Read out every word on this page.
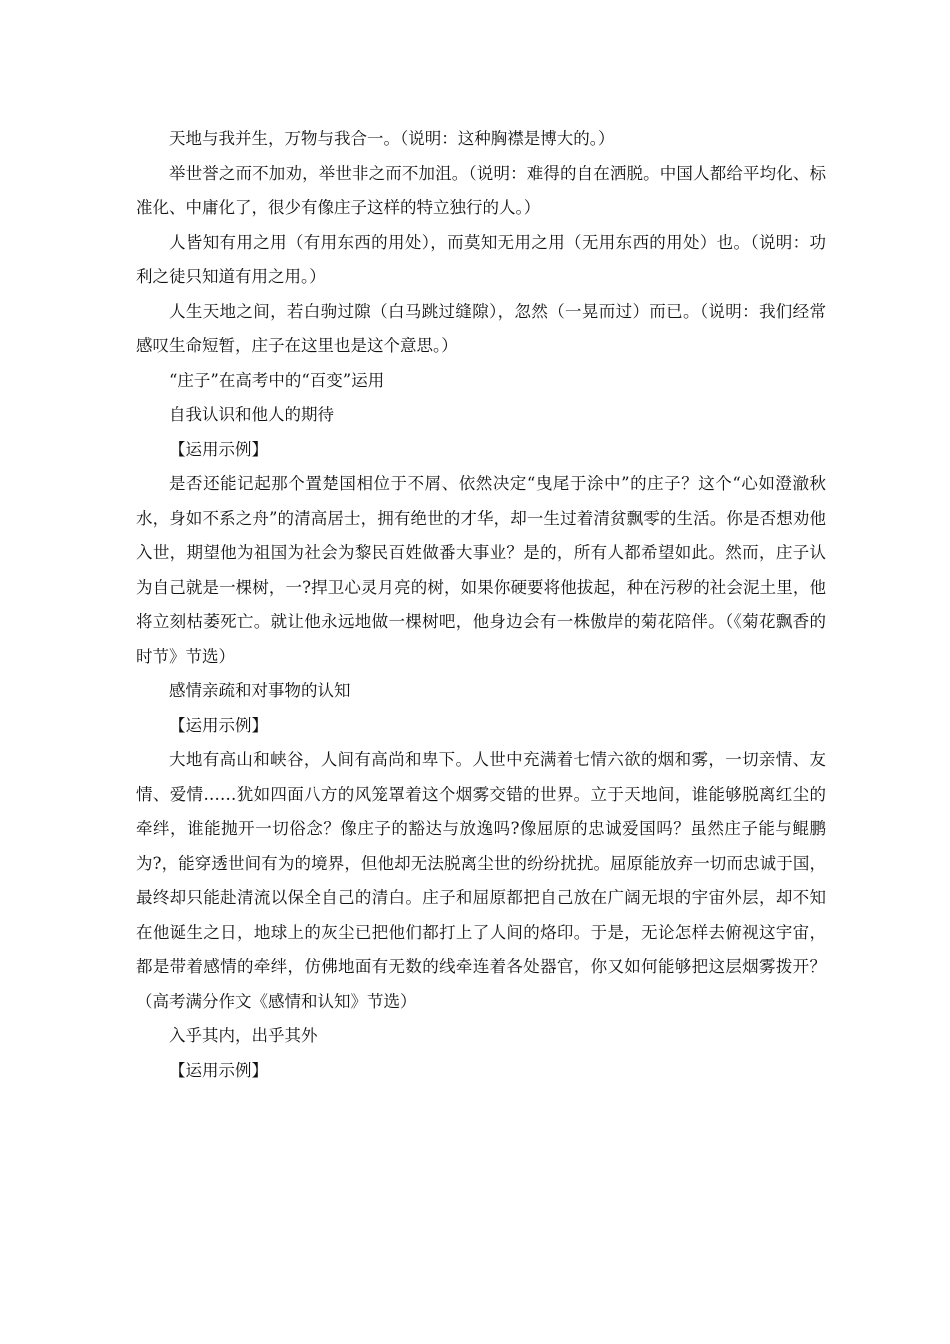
天地与我并生，万物与我合一。（说明：这种胸襟是博大的。）

举世誉之而不加劝，举世非之而不加沮。（说明：难得的自在洒脱。中国人都给平均化、标准化、中庸化了，很少有像庄子这样的特立独行的人。）

人皆知有用之用（有用东西的用处），而莫知无用之用（无用东西的用处）也。（说明：功利之徒只知道有用之用。）

人生天地之间，若白驹过隙（白马跳过缝隙），忽然（一晃而过）而已。（说明：我们经常感叹生命短暂，庄子在这里也是这个意思。）

“庄子”在高考中的“百变”运用

自我认识和他人的期待

【运用示例】

是否还能记起那个置楚国相位于不屑、依然决定“曳尾于涂中”的庄子？这个“心如澄澈秋水，身如不系之舟”的清高居士，拥有绝世的才华，却一生过着清贫飘零的生活。你是否想劝他入世，期望他为祖国为社会为黎民百姓做番大事业？是的，所有人都希望如此。然而，庄子认为自己就是一棵树，一?捍卫心灵月亮的树，如果你硬要将他拔起，种在污秽的社会泥土里，他将立刻枯萎死亡。就让他永远地做一棵树吧，他身边会有一株傲岸的菊花陪伴。（《菊花飘香的时节》节选）

感情亲疏和对事物的认知

【运用示例】

大地有高山和峡谷，人间有高尚和卑下。人世中充满着七情六欲的烟和雾，一切亲情、友情、爱情……犹如四面八方的风笼罩着这个烟雾交错的世界。立于天地间，谁能够脱离红尘的牵绊，谁能抛开一切俗念？像庄子的豁达与放逸吗?像屈原的忠诚爱国吗？虽然庄子能与鲲鹏为?，能穿透世间有为的境界，但他却无法脱离尘世的纷纷扰扰。屈原能放弃一切而忠诚于国，最终却只能赴清流以保全自己的清白。庄子和屈原都把自己放在广阔无垠的宇宙外层，却不知在他诞生之日，地球上的灰尘已把他们都打上了人间的烙印。于是，无论怎样去俯视这宇宙，都是带着感情的牵绊，仿佛地面有无数的线牵连着各处器官，你又如何能够把这层烟雾拨开？（高考满分作文《感情和认知》节选）

入乎其内，出乎其外

【运用示例】
